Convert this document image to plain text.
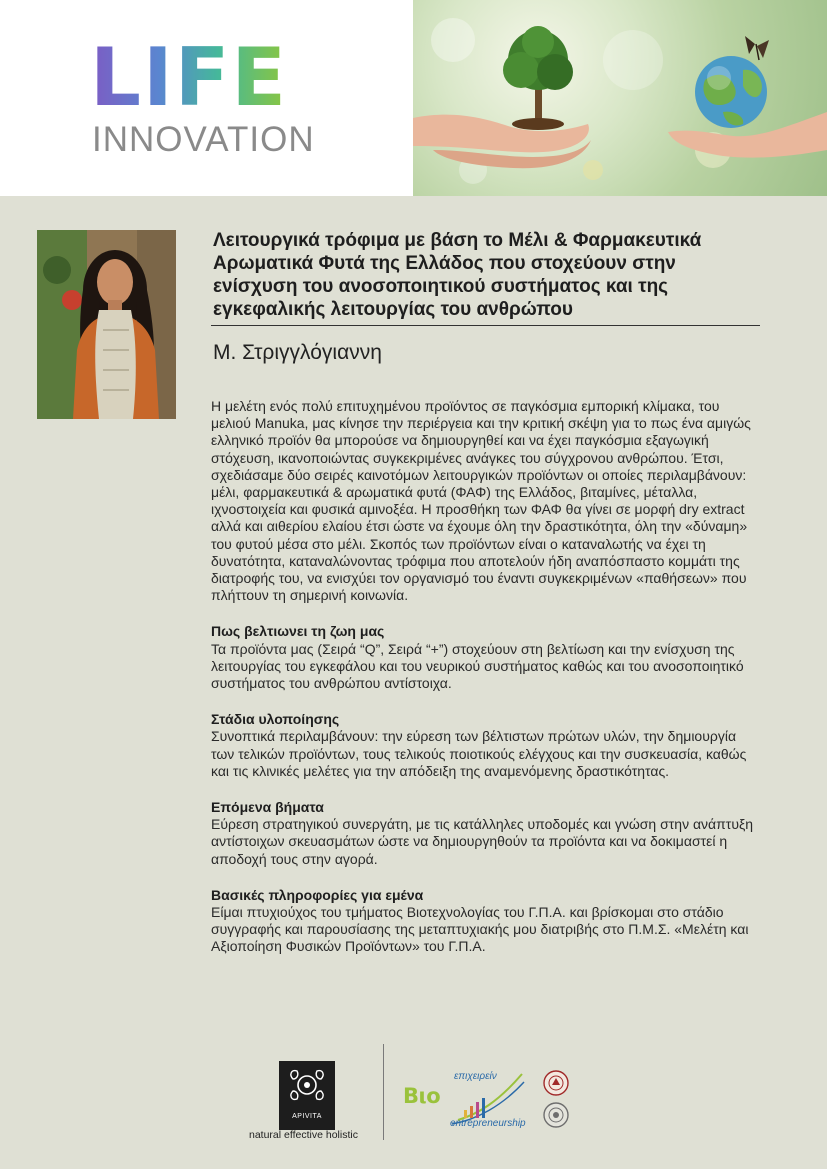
LIFE
INNOVATION
Λειτουργικά τρόφιμα με βάση το Μέλι & Φαρμακευτικά Αρωματικά Φυτά της Ελλάδος που στοχεύουν στην ενίσχυση του ανοσοποιητικού συστήματος και της εγκεφαλικής λειτουργίας του ανθρώπου
Μ. Στριγγλόγιαννη

Η μελέτη ενός πολύ επιτυχημένου προϊόντος σε παγκόσμια εμπορική κλίμακα, του μελιού Manuka, μας κίνησε την περιέργεια και την κριτική σκέψη για το πως ένα αμιγώς ελληνικό προϊόν θα μπορούσε να δημιουργηθεί και να έχει παγκόσμια εξαγωγική στόχευση, ικανοποιώντας συγκεκριμένες ανάγκες του σύγχρονου ανθρώπου. Έτσι, σχεδιάσαμε δύο σειρές καινοτόμων λειτουργικών προϊόντων οι οποίες περιλαμβάνουν: μέλι, φαρμακευτικά & αρωματικά φυτά (ΦΑΦ) της Ελλάδος, βιταμίνες, μέταλλα, ιχνοστοιχεία και φυσικά αμινοξέα. Η προσθήκη των ΦΑΦ θα γίνει σε μορφή dry extract αλλά και αιθερίου ελαίου έτσι ώστε να έχουμε όλη την δραστικότητα, όλη την «δύναμη» του φυτού μέσα στο μέλι. Σκοπός των προϊόντων είναι ο καταναλωτής να έχει τη δυνατότητα, καταναλώνοντας τρόφιμα που αποτελούν ήδη αναπόσπαστο κομμάτι της διατροφής του, να ενισχύει τον οργανισμό του έναντι συγκεκριμένων «παθήσεων» που πλήττουν τη σημερινή κοινωνία.

Πως βελτιωνει τη ζωη μας

Τα προϊόντα μας (Σειρά “Q”, Σειρά “+”) στοχεύουν στη βελτίωση και την ενίσχυση της λειτουργίας του εγκεφάλου και του νευρικού συστήματος καθώς και του ανοσοποιητικό συστήματος του ανθρώπου αντίστοιχα.

Στάδια υλοποίησης

Συνοπτικά περιλαμβάνουν: την εύρεση των βέλτιστων πρώτων υλών, την δημιουργία των τελικών προϊόντων, τους τελικούς ποιοτικούς ελέγχους και την συσκευασία, καθώς και τις κλινικές μελέτες για την απόδειξη της αναμενόμενης δραστικότητας.

Επόμενα βήματα

Εύρεση στρατηγικού συνεργάτη, με τις κατάλληλες υποδομές και γνώση στην ανάπτυξη αντίστοιχων σκευασμάτων ώστε να δημιουργηθούν τα προϊόντα και να δοκιμαστεί η αποδοχή τους στην αγορά.

Βασικές πληροφορίες για εμένα

Είμαι πτυχιούχος του τμήματος Βιοτεχνολογίας του Γ.Π.Α. και βρίσκομαι στο στάδιο συγγραφής και παρουσίασης της μεταπτυχιακής μου διατριβής στο Π.Μ.Σ. «Μελέτη και Αξιοποίηση Φυσικών Προϊόντων» του Γ.Π.Α.

APIVITA
natural effective holistic
Bιo
επιχειρείν
entrepreneurship
